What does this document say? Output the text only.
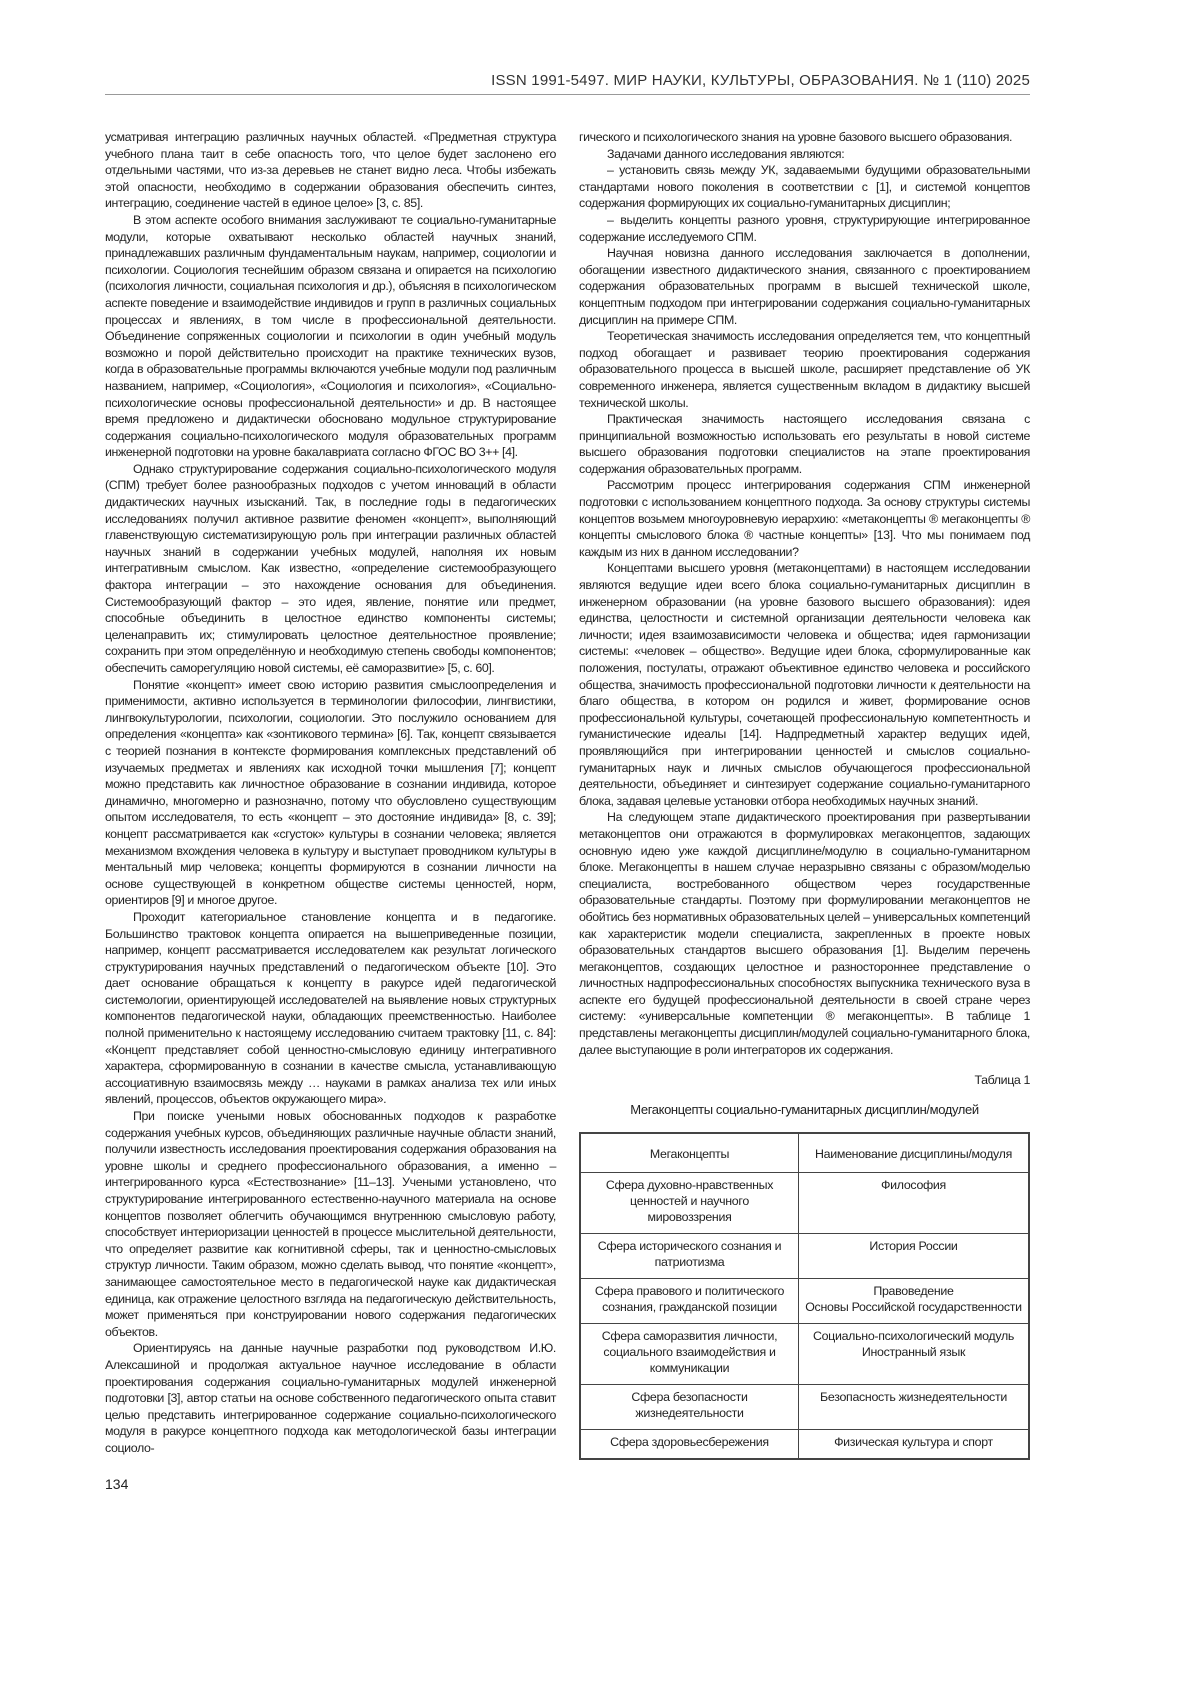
ISSN 1991-5497. МИР НАУКИ, КУЛЬТУРЫ, ОБРАЗОВАНИЯ. № 1 (110) 2025

усматривая интеграцию различных научных областей. «Предметная структура учебного плана таит в себе опасность того, что целое будет заслонено его отдельными частями, что из-за деревьев не станет видно леса. Чтобы избежать этой опасности, необходимо в содержании образования обеспечить синтез, интеграцию, соединение частей в единое целое» [3, с. 85].

В этом аспекте особого внимания заслуживают те социально-гуманитарные модули, которые охватывают несколько областей научных знаний, принадлежавших различным фундаментальным наукам, например, социологии и психологии. Социология теснейшим образом связана и опирается на психологию (психология личности, социальная психология и др.), объясняя в психологическом аспекте поведение и взаимодействие индивидов и групп в различных социальных процессах и явлениях, в том числе в профессиональной деятельности. Объединение сопряженных социологии и психологии в один учебный модуль возможно и порой действительно происходит на практике технических вузов, когда в образовательные программы включаются учебные модули под различным названием, например, «Социология», «Социология и психология», «Социально-психологические основы профессиональной деятельности» и др. В настоящее время предложено и дидактически обосновано модульное структурирование содержания социально-психологического модуля образовательных программ инженерной подготовки на уровне бакалавриата согласно ФГОС ВО 3++ [4].

Однако структурирование содержания социально-психологического модуля (СПМ) требует более разнообразных подходов с учетом инноваций в области дидактических научных изысканий. Так, в последние годы в педагогических исследованиях получил активное развитие феномен «концепт», выполняющий главенствующую систематизирующую роль при интеграции различных областей научных знаний в содержании учебных модулей, наполняя их новым интегративным смыслом. Как известно, «определение системообразующего фактора интеграции – это нахождение основания для объединения. Системообразующий фактор – это идея, явление, понятие или предмет, способные объединить в целостное единство компоненты системы; целенаправить их; стимулировать целостное деятельностное проявление; сохранить при этом определённую и необходимую степень свободы компонентов; обеспечить саморегуляцию новой системы, её саморазвитие» [5, с. 60].

Понятие «концепт» имеет свою историю развития смыслоопределения и применимости, активно используется в терминологии философии, лингвистики, лингвокультурологии, психологии, социологии. Это послужило основанием для определения «концепта» как «зонтикового термина» [6]. Так, концепт связывается с теорией познания в контексте формирования комплексных представлений об изучаемых предметах и явлениях как исходной точки мышления [7]; концепт можно представить как личностное образование в сознании индивида, которое динамично, многомерно и разнозначно, потому что обусловлено существующим опытом исследователя, то есть «концепт – это достояние индивида» [8, с. 39]; концепт рассматривается как «сгусток» культуры в сознании человека; является механизмом вхождения человека в культуру и выступает проводником культуры в ментальный мир человека; концепты формируются в сознании личности на основе существующей в конкретном обществе системы ценностей, норм, ориентиров [9] и многое другое.

Проходит категориальное становление концепта и в педагогике. Большинство трактовок концепта опирается на вышеприведенные позиции, например, концепт рассматривается исследователем как результат логического структурирования научных представлений о педагогическом объекте [10]. Это дает основание обращаться к концепту в ракурсе идей педагогической системологии, ориентирующей исследователей на выявление новых структурных компонентов педагогической науки, обладающих преемственностью. Наиболее полной применительно к настоящему исследованию считаем трактовку [11, с. 84]: «Концепт представляет собой ценностно-смысловую единицу интегративного характера, сформированную в сознании в качестве смысла, устанавливающую ассоциативную взаимосвязь между … науками в рамках анализа тех или иных явлений, процессов, объектов окружающего мира».

При поиске учеными новых обоснованных подходов к разработке содержания учебных курсов, объединяющих различные научные области знаний, получили известность исследования проектирования содержания образования на уровне школы и среднего профессионального образования, а именно – интегрированного курса «Естествознание» [11–13]. Учеными установлено, что структурирование интегрированного естественно-научного материала на основе концептов позволяет облегчить обучающимся внутреннюю смысловую работу, способствует интериоризации ценностей в процессе мыслительной деятельности, что определяет развитие как когнитивной сферы, так и ценностно-смысловых структур личности. Таким образом, можно сделать вывод, что понятие «концепт», занимающее самостоятельное место в педагогической науке как дидактическая единица, как отражение целостного взгляда на педагогическую действительность, может применяться при конструировании нового содержания педагогических объектов.

Ориентируясь на данные научные разработки под руководством И.Ю. Алексашиной и продолжая актуальное научное исследование в области проектирования содержания социально-гуманитарных модулей инженерной подготовки [3], автор статьи на основе собственного педагогического опыта ставит целью представить интегрированное содержание социально-психологического модуля в ракурсе концептного подхода как методологической базы интеграции социоло-

гического и психологического знания на уровне базового высшего образования.

Задачами данного исследования являются:

– установить связь между УК, задаваемыми будущими образовательными стандартами нового поколения в соответствии с [1], и системой концептов содержания формирующих их социально-гуманитарных дисциплин;

– выделить концепты разного уровня, структурирующие интегрированное содержание исследуемого СПМ.

Научная новизна данного исследования заключается в дополнении, обогащении известного дидактического знания, связанного с проектированием содержания образовательных программ в высшей технической школе, концептным подходом при интегрировании содержания социально-гуманитарных дисциплин на примере СПМ.

Теоретическая значимость исследования определяется тем, что концептный подход обогащает и развивает теорию проектирования содержания образовательного процесса в высшей школе, расширяет представление об УК современного инженера, является существенным вкладом в дидактику высшей технической школы.

Практическая значимость настоящего исследования связана с принципиальной возможностью использовать его результаты в новой системе высшего образования подготовки специалистов на этапе проектирования содержания образовательных программ.

Рассмотрим процесс интегрирования содержания СПМ инженерной подготовки с использованием концептного подхода. За основу структуры системы концептов возьмем многоуровневую иерархию: «метаконцепты ® мегаконцепты ® концепты смыслового блока ® частные концепты» [13]. Что мы понимаем под каждым из них в данном исследовании?

Концептами высшего уровня (метаконцептами) в настоящем исследовании являются ведущие идеи всего блока социально-гуманитарных дисциплин в инженерном образовании (на уровне базового высшего образования): идея единства, целостности и системной организации деятельности человека как личности; идея взаимозависимости человека и общества; идея гармонизации системы: «человек – общество». Ведущие идеи блока, сформулированные как положения, постулаты, отражают объективное единство человека и российского общества, значимость профессиональной подготовки личности к деятельности на благо общества, в котором он родился и живет, формирование основ профессиональной культуры, сочетающей профессиональную компетентность и гуманистические идеалы [14]. Надпредметный характер ведущих идей, проявляющийся при интегрировании ценностей и смыслов социально-гуманитарных наук и личных смыслов обучающегося профессиональной деятельности, объединяет и синтезирует содержание социально-гуманитарного блока, задавая целевые установки отбора необходимых научных знаний.

На следующем этапе дидактического проектирования при развертывании метаконцептов они отражаются в формулировках мегаконцептов, задающих основную идею уже каждой дисциплине/модулю в социально-гуманитарном блоке. Мегаконцепты в нашем случае неразрывно связаны с образом/моделью специалиста, востребованного обществом через государственные образовательные стандарты. Поэтому при формулировании мегаконцептов не обойтись без нормативных образовательных целей – универсальных компетенций как характеристик модели специалиста, закрепленных в проекте новых образовательных стандартов высшего образования [1]. Выделим перечень мегаконцептов, создающих целостное и разностороннее представление о личностных надпрофессиональных способностях выпускника технического вуза в аспекте его будущей профессиональной деятельности в своей стране через систему: «универсальные компетенции ® мегаконцепты». В таблице 1 представлены мегаконцепты дисциплин/модулей социально-гуманитарного блока, далее выступающие в роли интеграторов их содержания.

Таблица 1
Мегаконцепты социально-гуманитарных дисциплин/модулей
Мегаконцепты	Наименование дисциплины/модуля
Сфера духовно-нравственных ценностей и научного мировоззрения	
Философия

Сфера исторического сознания и патриотизма	
История России

Сфера правового и политического сознания, гражданской позиции	
Правоведение
Основы Российской государственности

Сфера саморазвития личности, социального взаимодействия и коммуникации	
Социально-психологический модуль
Иностранный язык

Сфера безопасности жизнедеятельности	
Безопасность жизнедеятельности

Сфера здоровьесбережения	Физическая культура и спорт
134
